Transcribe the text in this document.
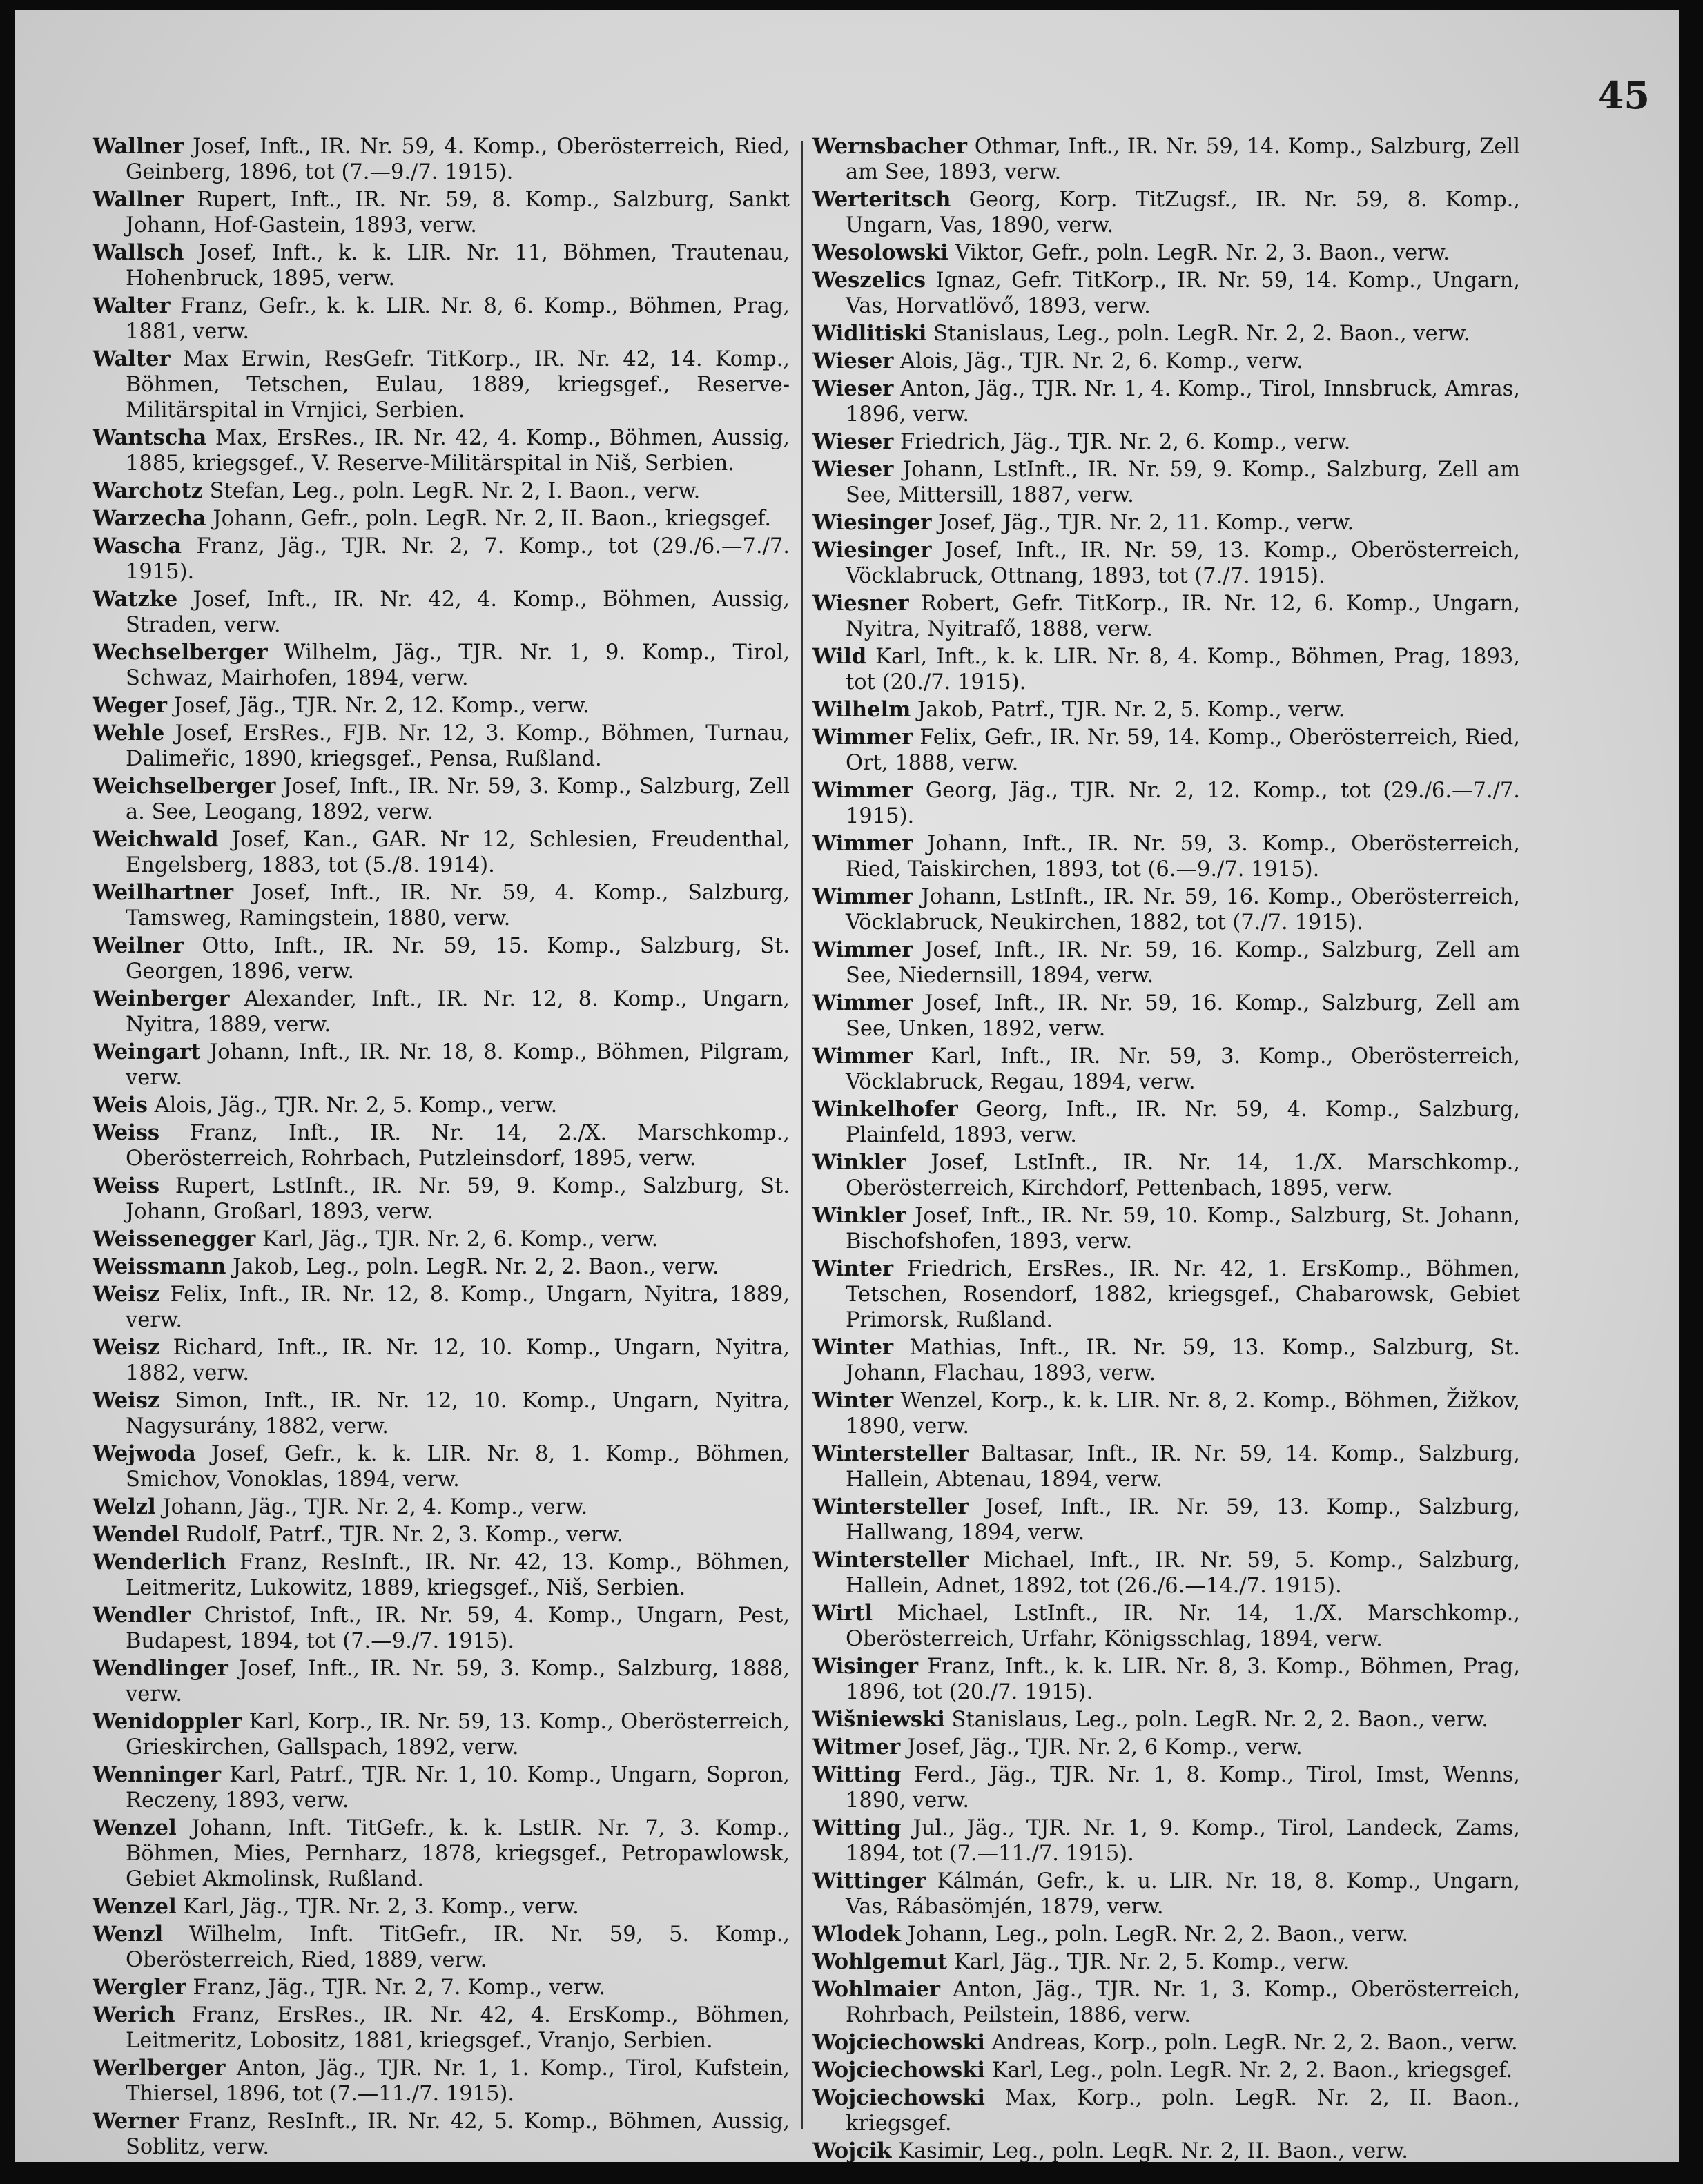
45

Wallner Josef, Inft., IR. Nr. 59, 4. Komp., Oberösterreich, Ried, Geinberg, 1896, tot (7.—9./7. 1915).

Wallner Rupert, Inft., IR. Nr. 59, 8. Komp., Salzburg, Sankt Johann, Hof-Gastein, 1893, verw.

Wallsch Josef, Inft., k. k. LIR. Nr. 11, Böhmen, Trautenau, Hohenbruck, 1895, verw.

Walter Franz, Gefr., k. k. LIR. Nr. 8, 6. Komp., Böhmen, Prag, 1881, verw.

Walter Max Erwin, ResGefr. TitKorp., IR. Nr. 42, 14. Komp., Böhmen, Tetschen, Eulau, 1889, kriegsgef., Reserve-Militärspital in Vrnjici, Serbien.

Wantscha Max, ErsRes., IR. Nr. 42, 4. Komp., Böhmen, Aussig, 1885, kriegsgef., V. Reserve-Militärspital in Niš, Serbien.

Warchotz Stefan, Leg., poln. LegR. Nr. 2, I. Baon., verw.

Warzecha Johann, Gefr., poln. LegR. Nr. 2, II. Baon., kriegsgef.

Wascha Franz, Jäg., TJR. Nr. 2, 7. Komp., tot (29./6.—7./7. 1915).

Watzke Josef, Inft., IR. Nr. 42, 4. Komp., Böhmen, Aussig, Straden, verw.

Wechselberger Wilhelm, Jäg., TJR. Nr. 1, 9. Komp., Tirol, Schwaz, Mairhofen, 1894, verw.

Weger Josef, Jäg., TJR. Nr. 2, 12. Komp., verw.

Wehle Josef, ErsRes., FJB. Nr. 12, 3. Komp., Böhmen, Turnau, Dalimeřic, 1890, kriegsgef., Pensa, Rußland.

Weichselberger Josef, Inft., IR. Nr. 59, 3. Komp., Salzburg, Zell a. See, Leogang, 1892, verw.

Weichwald Josef, Kan., GAR. Nr 12, Schlesien, Freudenthal, Engelsberg, 1883, tot (5./8. 1914).

Weilhartner Josef, Inft., IR. Nr. 59, 4. Komp., Salzburg, Tamsweg, Ramingstein, 1880, verw.

Weilner Otto, Inft., IR. Nr. 59, 15. Komp., Salzburg, St. Georgen, 1896, verw.

Weinberger Alexander, Inft., IR. Nr. 12, 8. Komp., Ungarn, Nyitra, 1889, verw.

Weingart Johann, Inft., IR. Nr. 18, 8. Komp., Böhmen, Pilgram, verw.

Weis Alois, Jäg., TJR. Nr. 2, 5. Komp., verw.

Weiss Franz, Inft., IR. Nr. 14, 2./X. Marschkomp., Oberösterreich, Rohrbach, Putzleinsdorf, 1895, verw.

Weiss Rupert, LstInft., IR. Nr. 59, 9. Komp., Salzburg, St. Johann, Großarl, 1893, verw.

Weissenegger Karl, Jäg., TJR. Nr. 2, 6. Komp., verw.

Weissmann Jakob, Leg., poln. LegR. Nr. 2, 2. Baon., verw.

Weisz Felix, Inft., IR. Nr. 12, 8. Komp., Ungarn, Nyitra, 1889, verw.

Weisz Richard, Inft., IR. Nr. 12, 10. Komp., Ungarn, Nyitra, 1882, verw.

Weisz Simon, Inft., IR. Nr. 12, 10. Komp., Ungarn, Nyitra, Nagysurány, 1882, verw.

Wejwoda Josef, Gefr., k. k. LIR. Nr. 8, 1. Komp., Böhmen, Smichov, Vonoklas, 1894, verw.

Welzl Johann, Jäg., TJR. Nr. 2, 4. Komp., verw.

Wendel Rudolf, Patrf., TJR. Nr. 2, 3. Komp., verw.

Wenderlich Franz, ResInft., IR. Nr. 42, 13. Komp., Böhmen, Leitmeritz, Lukowitz, 1889, kriegsgef., Niš, Serbien.

Wendler Christof, Inft., IR. Nr. 59, 4. Komp., Ungarn, Pest, Budapest, 1894, tot (7.—9./7. 1915).

Wendlinger Josef, Inft., IR. Nr. 59, 3. Komp., Salzburg, 1888, verw.

Wenidoppler Karl, Korp., IR. Nr. 59, 13. Komp., Oberösterreich, Grieskirchen, Gallspach, 1892, verw.

Wenninger Karl, Patrf., TJR. Nr. 1, 10. Komp., Ungarn, Sopron, Reczeny, 1893, verw.

Wenzel Johann, Inft. TitGefr., k. k. LstIR. Nr. 7, 3. Komp., Böhmen, Mies, Pernharz, 1878, kriegsgef., Petropawlowsk, Gebiet Akmolinsk, Rußland.

Wenzel Karl, Jäg., TJR. Nr. 2, 3. Komp., verw.

Wenzl Wilhelm, Inft. TitGefr., IR. Nr. 59, 5. Komp., Oberösterreich, Ried, 1889, verw.

Wergler Franz, Jäg., TJR. Nr. 2, 7. Komp., verw.

Werich Franz, ErsRes., IR. Nr. 42, 4. ErsKomp., Böhmen, Leitmeritz, Lobositz, 1881, kriegsgef., Vranjo, Serbien.

Werlberger Anton, Jäg., TJR. Nr. 1, 1. Komp., Tirol, Kufstein, Thiersel, 1896, tot (7.—11./7. 1915).

Werner Franz, ResInft., IR. Nr. 42, 5. Komp., Böhmen, Aussig, Soblitz, verw.

Wernsbacher Othmar, Inft., IR. Nr. 59, 14. Komp., Salzburg, Zell am See, 1893, verw.

Werteritsch Georg, Korp. TitZugsf., IR. Nr. 59, 8. Komp., Ungarn, Vas, 1890, verw.

Wesolowski Viktor, Gefr., poln. LegR. Nr. 2, 3. Baon., verw.

Weszelics Ignaz, Gefr. TitKorp., IR. Nr. 59, 14. Komp., Ungarn, Vas, Horvatlövő, 1893, verw.

Widlitiski Stanislaus, Leg., poln. LegR. Nr. 2, 2. Baon., verw.

Wieser Alois, Jäg., TJR. Nr. 2, 6. Komp., verw.

Wieser Anton, Jäg., TJR. Nr. 1, 4. Komp., Tirol, Innsbruck, Amras, 1896, verw.

Wieser Friedrich, Jäg., TJR. Nr. 2, 6. Komp., verw.

Wieser Johann, LstInft., IR. Nr. 59, 9. Komp., Salzburg, Zell am See, Mittersill, 1887, verw.

Wiesinger Josef, Jäg., TJR. Nr. 2, 11. Komp., verw.

Wiesinger Josef, Inft., IR. Nr. 59, 13. Komp., Oberösterreich, Vöcklabruck, Ottnang, 1893, tot (7./7. 1915).

Wiesner Robert, Gefr. TitKorp., IR. Nr. 12, 6. Komp., Ungarn, Nyitra, Nyitrafő, 1888, verw.

Wild Karl, Inft., k. k. LIR. Nr. 8, 4. Komp., Böhmen, Prag, 1893, tot (20./7. 1915).

Wilhelm Jakob, Patrf., TJR. Nr. 2, 5. Komp., verw.

Wimmer Felix, Gefr., IR. Nr. 59, 14. Komp., Oberösterreich, Ried, Ort, 1888, verw.

Wimmer Georg, Jäg., TJR. Nr. 2, 12. Komp., tot (29./6.—7./7. 1915).

Wimmer Johann, Inft., IR. Nr. 59, 3. Komp., Oberösterreich, Ried, Taiskirchen, 1893, tot (6.—9./7. 1915).

Wimmer Johann, LstInft., IR. Nr. 59, 16. Komp., Oberösterreich, Vöcklabruck, Neukirchen, 1882, tot (7./7. 1915).

Wimmer Josef, Inft., IR. Nr. 59, 16. Komp., Salzburg, Zell am See, Niedernsill, 1894, verw.

Wimmer Josef, Inft., IR. Nr. 59, 16. Komp., Salzburg, Zell am See, Unken, 1892, verw.

Wimmer Karl, Inft., IR. Nr. 59, 3. Komp., Oberösterreich, Vöcklabruck, Regau, 1894, verw.

Winkelhofer Georg, Inft., IR. Nr. 59, 4. Komp., Salzburg, Plainfeld, 1893, verw.

Winkler Josef, LstInft., IR. Nr. 14, 1./X. Marschkomp., Oberösterreich, Kirchdorf, Pettenbach, 1895, verw.

Winkler Josef, Inft., IR. Nr. 59, 10. Komp., Salzburg, St. Johann, Bischofshofen, 1893, verw.

Winter Friedrich, ErsRes., IR. Nr. 42, 1. ErsKomp., Böhmen, Tetschen, Rosendorf, 1882, kriegsgef., Chabarowsk, Gebiet Primorsk, Rußland.

Winter Mathias, Inft., IR. Nr. 59, 13. Komp., Salzburg, St. Johann, Flachau, 1893, verw.

Winter Wenzel, Korp., k. k. LIR. Nr. 8, 2. Komp., Böhmen, Žižkov, 1890, verw.

Wintersteller Baltasar, Inft., IR. Nr. 59, 14. Komp., Salzburg, Hallein, Abtenau, 1894, verw.

Wintersteller Josef, Inft., IR. Nr. 59, 13. Komp., Salzburg, Hallwang, 1894, verw.

Wintersteller Michael, Inft., IR. Nr. 59, 5. Komp., Salzburg, Hallein, Adnet, 1892, tot (26./6.—14./7. 1915).

Wirtl Michael, LstInft., IR. Nr. 14, 1./X. Marschkomp., Oberösterreich, Urfahr, Königsschlag, 1894, verw.

Wisinger Franz, Inft., k. k. LIR. Nr. 8, 3. Komp., Böhmen, Prag, 1896, tot (20./7. 1915).

Wišniewski Stanislaus, Leg., poln. LegR. Nr. 2, 2. Baon., verw.

Witmer Josef, Jäg., TJR. Nr. 2, 6 Komp., verw.

Witting Ferd., Jäg., TJR. Nr. 1, 8. Komp., Tirol, Imst, Wenns, 1890, verw.

Witting Jul., Jäg., TJR. Nr. 1, 9. Komp., Tirol, Landeck, Zams, 1894, tot (7.—11./7. 1915).

Wittinger Kálmán, Gefr., k. u. LIR. Nr. 18, 8. Komp., Ungarn, Vas, Rábasömjén, 1879, verw.

Wlodek Johann, Leg., poln. LegR. Nr. 2, 2. Baon., verw.

Wohlgemut Karl, Jäg., TJR. Nr. 2, 5. Komp., verw.

Wohlmaier Anton, Jäg., TJR. Nr. 1, 3. Komp., Oberösterreich, Rohrbach, Peilstein, 1886, verw.

Wojciechowski Andreas, Korp., poln. LegR. Nr. 2, 2. Baon., verw.

Wojciechowski Karl, Leg., poln. LegR. Nr. 2, 2. Baon., kriegsgef.

Wojciechowski Max, Korp., poln. LegR. Nr. 2, II. Baon., kriegsgef.

Wojcik Kasimir, Leg., poln. LegR. Nr. 2, II. Baon., verw.
